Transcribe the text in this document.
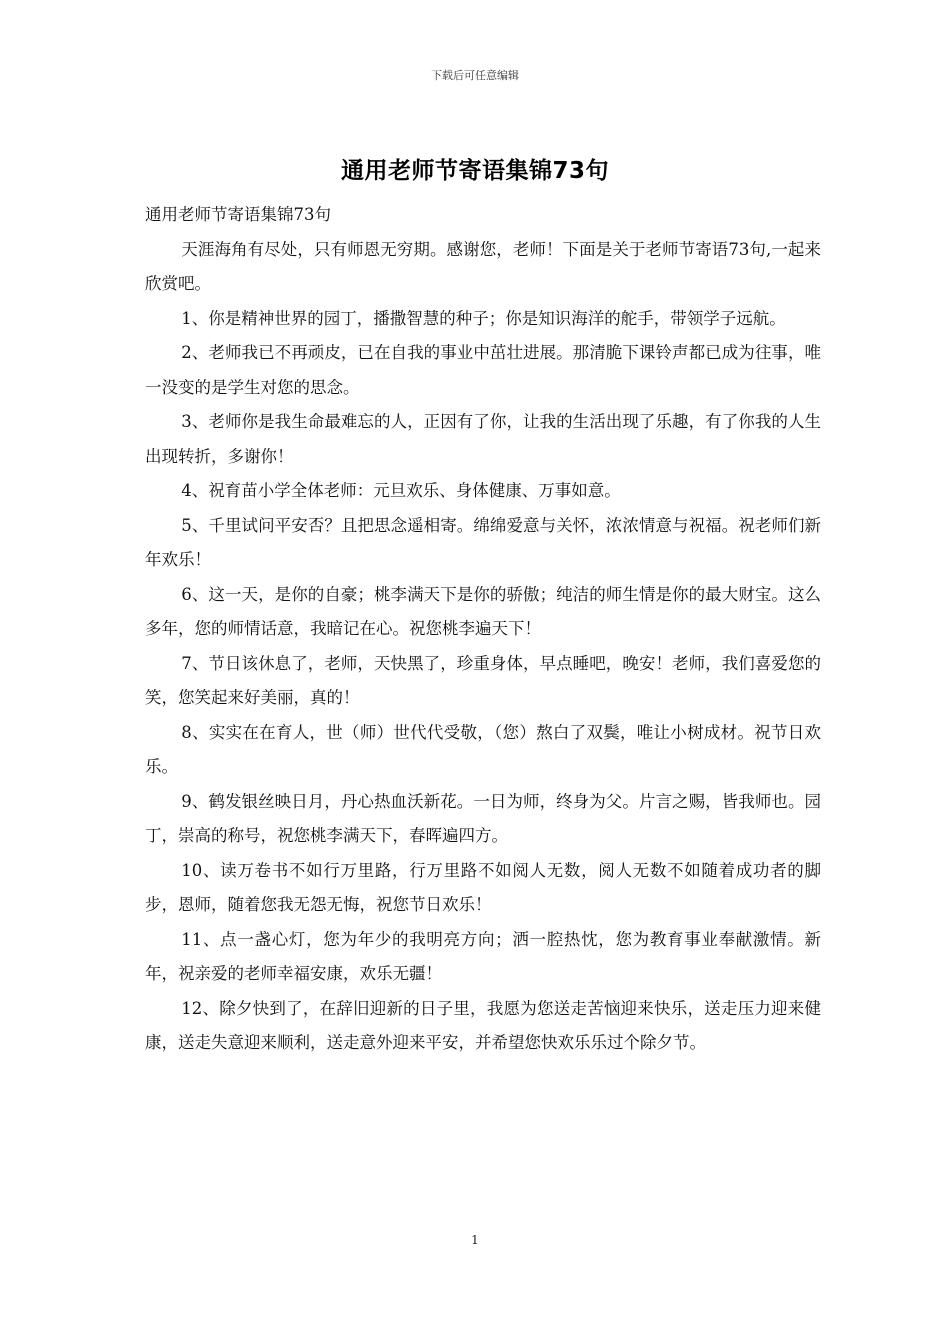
下载后可任意编辑
通用老师节寄语集锦73句

通用老师节寄语集锦73句

天涯海角有尽处，只有师恩无穷期。感谢您，老师！下面是关于老师节寄语73句,一起来欣赏吧。

1、你是精神世界的园丁，播撒智慧的种子；你是知识海洋的舵手，带领学子远航。

2、老师我已不再顽皮，已在自我的事业中茁壮进展。那清脆下课铃声都已成为往事，唯一没变的是学生对您的思念。

3、老师你是我生命最难忘的人，正因有了你，让我的生活出现了乐趣，有了你我的人生出现转折，多谢你！

4、祝育苗小学全体老师：元旦欢乐、身体健康、万事如意。

5、千里试问平安否？且把思念遥相寄。绵绵爱意与关怀，浓浓情意与祝福。祝老师们新年欢乐！

6、这一天，是你的自豪；桃李满天下是你的骄傲；纯洁的师生情是你的最大财宝。这么多年，您的师情话意，我暗记在心。祝您桃李遍天下！

7、节日该休息了，老师，天快黑了，珍重身体，早点睡吧，晚安！老师，我们喜爱您的笑，您笑起来好美丽，真的！

8、实实在在育人，世（师）世代代受敬，（您）熬白了双鬓，唯让小树成材。祝节日欢乐。

9、鹤发银丝映日月，丹心热血沃新花。一日为师，终身为父。片言之赐，皆我师也。园丁，崇高的称号，祝您桃李满天下，春晖遍四方。

10、读万卷书不如行万里路，行万里路不如阅人无数，阅人无数不如随着成功者的脚步，恩师，随着您我无怨无悔，祝您节日欢乐！

11、点一盏心灯，您为年少的我明亮方向；洒一腔热忱，您为教育事业奉献激情。新年，祝亲爱的老师幸福安康，欢乐无疆！

12、除夕快到了，在辞旧迎新的日子里，我愿为您送走苦恼迎来快乐，送走压力迎来健康，送走失意迎来顺利，送走意外迎来平安，并希望您快欢乐乐过个除夕节。

1
